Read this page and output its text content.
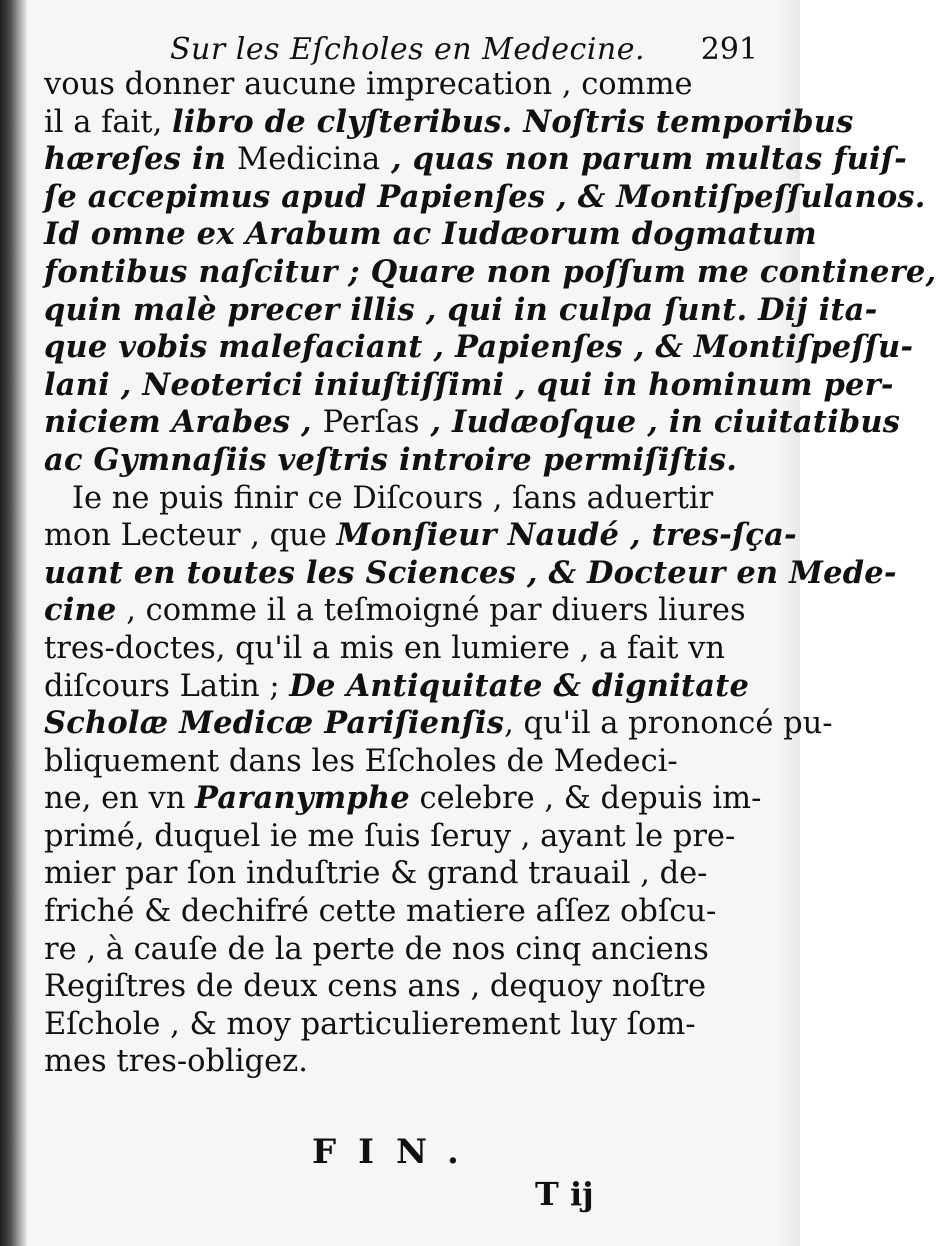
Sur les Eſcholes en Medecine. 291
vous donner aucune imprecation , comme
il a fait, libro de clyſteribus. Noſtris temporibus
hæreſes in Medicina , quas non parum multas fuiſ-
ſe accepimus apud Papienſes , & Montiſpeſſulanos.
Id omne ex Arabum ac Iudæorum dogmatum
fontibus naſcitur ; Quare non poſſum me continere,
quin malè precer illis , qui in culpa ſunt. Dij ita-
que vobis malefaciant , Papienſes , & Montiſpeſſu-
lani , Neoterici iniuſtiſſimi , qui in hominum per-
niciem Arabes , Perſas , Iudæoſque , in ciuitatibus
ac Gymnaſiis veſtris introire permiſiſtis.
Ie ne puis finir ce Diſcours , ſans aduertir
mon Lecteur , que Monſieur Naudé , tres-ſça-
uant en toutes les Sciences , & Docteur en Mede-
cine , comme il a teſmoigné par diuers liures
tres-doctes, qu'il a mis en lumiere , a fait vn
diſcours Latin ; De Antiquitate & dignitate
Scholæ Medicæ Pariſienſis, qu'il a prononcé pu-
bliquement dans les Eſcholes de Medeci-
ne, en vn Paranymphe celebre , & depuis im-
primé, duquel ie me ſuis ſeruy , ayant le pre-
mier par ſon induſtrie & grand trauail , de-
friché & dechifré cette matiere aſſez obſcu-
re , à cauſe de la perte de nos cinq anciens
Regiſtres de deux cens ans , dequoy noſtre
Eſchole , & moy particulierement luy ſom-
mes tres-obligez.
FIN.
T ij
